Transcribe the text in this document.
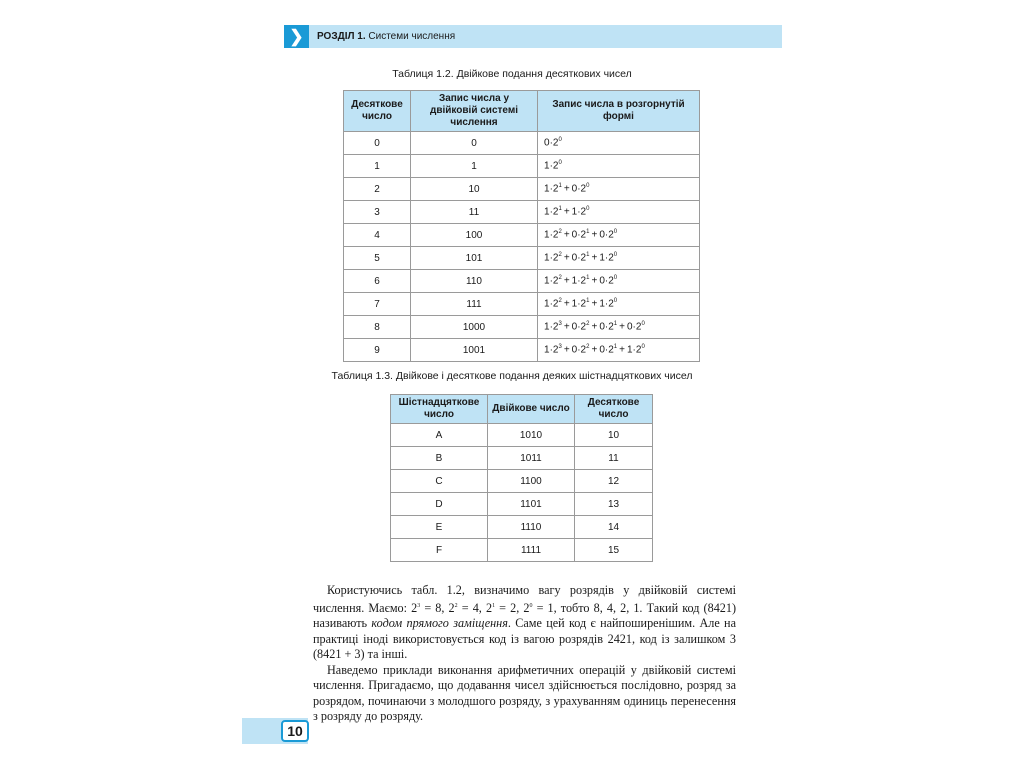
❯	РОЗДІЛ 1. Системи числення
Таблиця 1.2. Двійкове подання десяткових чисел
Десяткове число	Запис числа у двійковій системі числення	Запис числа в розгорнутій формі
0	0	$0\cdot 2^0$
1	1	$1\cdot 2^0$
2	10	$1\cdot 2^1 + 0\cdot 2^0$
3	11	$1\cdot 2^1 + 1\cdot 2^0$
4	100	$1\cdot 2^2 + 0\cdot 2^1 + 0\cdot 2^0$
5	101	$1\cdot 2^2 + 0\cdot 2^1 + 1\cdot 2^0$
6	110	$1\cdot 2^2 + 1\cdot 2^1 + 0\cdot 2^0$
7	111	$1\cdot 2^2 + 1\cdot 2^1 + 1\cdot 2^0$
8	1000	$1\cdot 2^3 + 0\cdot 2^2 + 0\cdot 2^1 + 0\cdot 2^0$
9	1001	$1\cdot 2^3 + 0\cdot 2^2 + 0\cdot 2^1 + 1\cdot 2^0$
Таблиця 1.3. Двійкове і десяткове подання деяких шістнадцяткових чисел
Шістнадцяткове число	Двійкове число	Десяткове число
A	1010	10
B	1011	11
C	1100	12
D	1101	13
E	1110	14
F	1111	15

Користуючись табл. 1.2, визначимо вагу розрядів у двійковій системі числення. Маємо: $2^3 = 8$, $2^2 = 4$, $2^1 = 2$, $2^0 = 1$, тобто 8, 4, 2, 1. Такий код (8421) називають кодом прямого заміщення. Саме цей код є найпоширенішим. Але на практиці іноді використовується код із вагою розрядів 2421, код із залишком 3 (8421 + 3) та інші.

Наведемо приклади виконання арифметичних операцій у двійковій системі числення. Пригадаємо, що додавання чисел здійснюється послідовно, розряд за розрядом, починаючи з молодшого розряду, з урахуванням одиниць перенесення з розряду до розряду.

10
